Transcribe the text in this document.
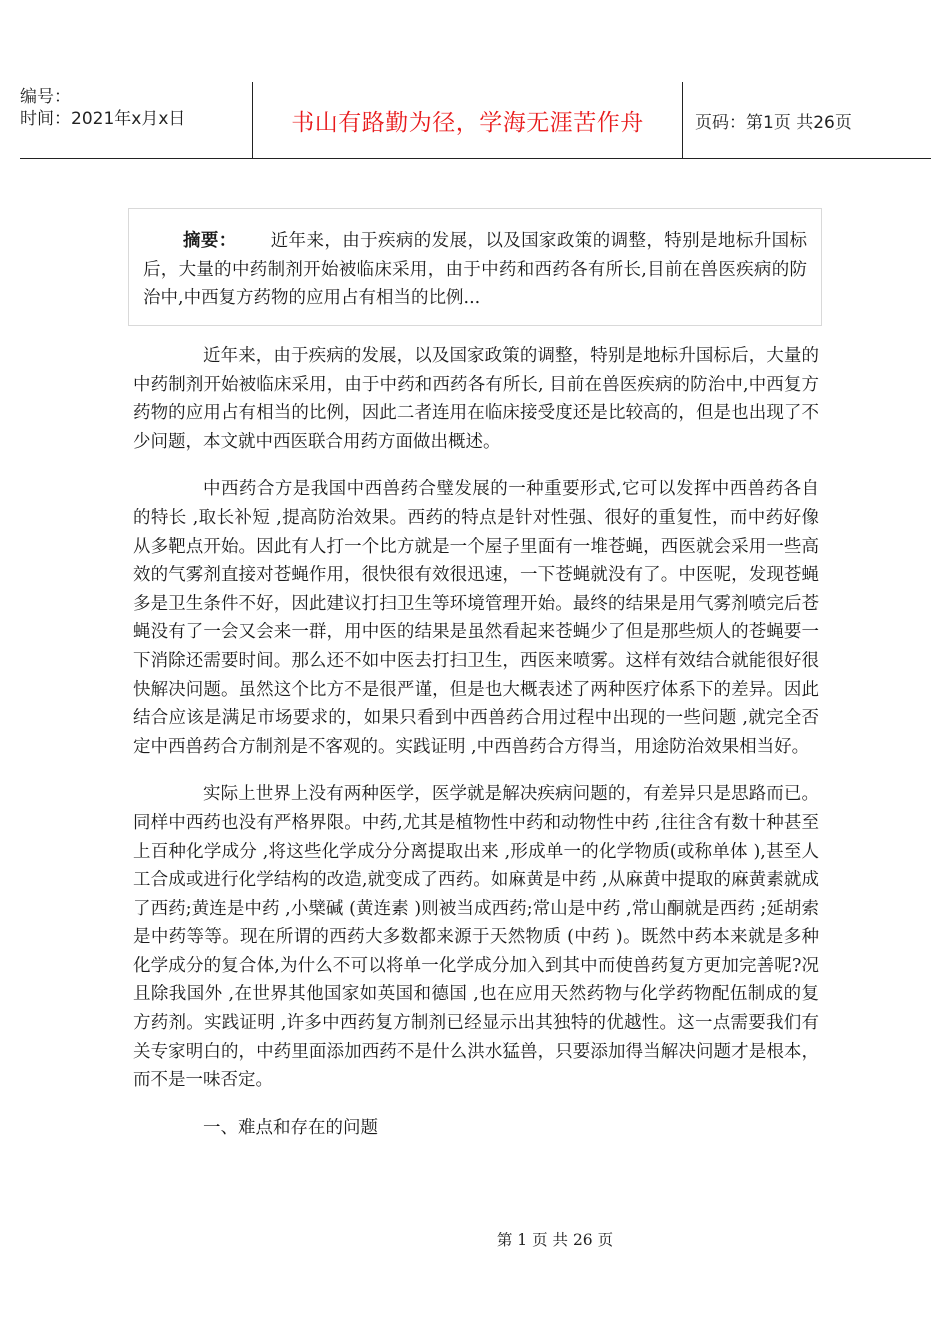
编号：
时间：2021年x月x日	书山有路勤为径，学海无涯苦作舟	页码：第1页 共26页
摘要： 近年来，由于疾病的发展，以及国家政策的调整，特别是地标升国标后，大量的中药制剂开始被临床采用，由于中药和西药各有所长,目前在兽医疾病的防治中,中西复方药物的应用占有相当的比例...

近年来，由于疾病的发展，以及国家政策的调整，特别是地标升国标后，大量的中药制剂开始被临床采用，由于中药和西药各有所长, 目前在兽医疾病的防治中,中西复方药物的应用占有相当的比例，因此二者连用在临床接受度还是比较高的，但是也出现了不少问题，本文就中西医联合用药方面做出概述。

中西药合方是我国中西兽药合璧发展的一种重要形式,它可以发挥中西兽药各自的特长 ,取长补短 ,提高防治效果。西药的特点是针对性强、很好的重复性，而中药好像从多靶点开始。因此有人打一个比方就是一个屋子里面有一堆苍蝇，西医就会采用一些高效的气雾剂直接对苍蝇作用，很快很有效很迅速，一下苍蝇就没有了。中医呢，发现苍蝇多是卫生条件不好，因此建议打扫卫生等环境管理开始。最终的结果是用气雾剂喷完后苍蝇没有了一会又会来一群，用中医的结果是虽然看起来苍蝇少了但是那些烦人的苍蝇要一下消除还需要时间。那么还不如中医去打扫卫生，西医来喷雾。这样有效结合就能很好很快解决问题。虽然这个比方不是很严谨，但是也大概表述了两种医疗体系下的差异。因此结合应该是满足市场要求的，如果只看到中西兽药合用过程中出现的一些问题 ,就完全否定中西兽药合方制剂是不客观的。实践证明 ,中西兽药合方得当，用途防治效果相当好。

实际上世界上没有两种医学，医学就是解决疾病问题的，有差异只是思路而已。同样中西药也没有严格界限。中药,尤其是植物性中药和动物性中药 ,往往含有数十种甚至上百种化学成分 ,将这些化学成分分离提取出来 ,形成单一的化学物质(或称单体 ),甚至人工合成或进行化学结构的改造,就变成了西药。如麻黄是中药 ,从麻黄中提取的麻黄素就成了西药;黄连是中药 ,小檗碱 (黄连素 )则被当成西药;常山是中药 ,常山酮就是西药 ;延胡索是中药等等。现在所谓的西药大多数都来源于天然物质 (中药 )。既然中药本来就是多种化学成分的复合体,为什么不可以将单一化学成分加入到其中而使兽药复方更加完善呢?况且除我国外 ,在世界其他国家如英国和德国 ,也在应用天然药物与化学药物配伍制成的复方药剂。实践证明 ,许多中西药复方制剂已经显示出其独特的优越性。这一点需要我们有关专家明白的，中药里面添加西药不是什么洪水猛兽，只要添加得当解决问题才是根本，而不是一味否定。

一、难点和存在的问题

第 1 页 共 26 页
